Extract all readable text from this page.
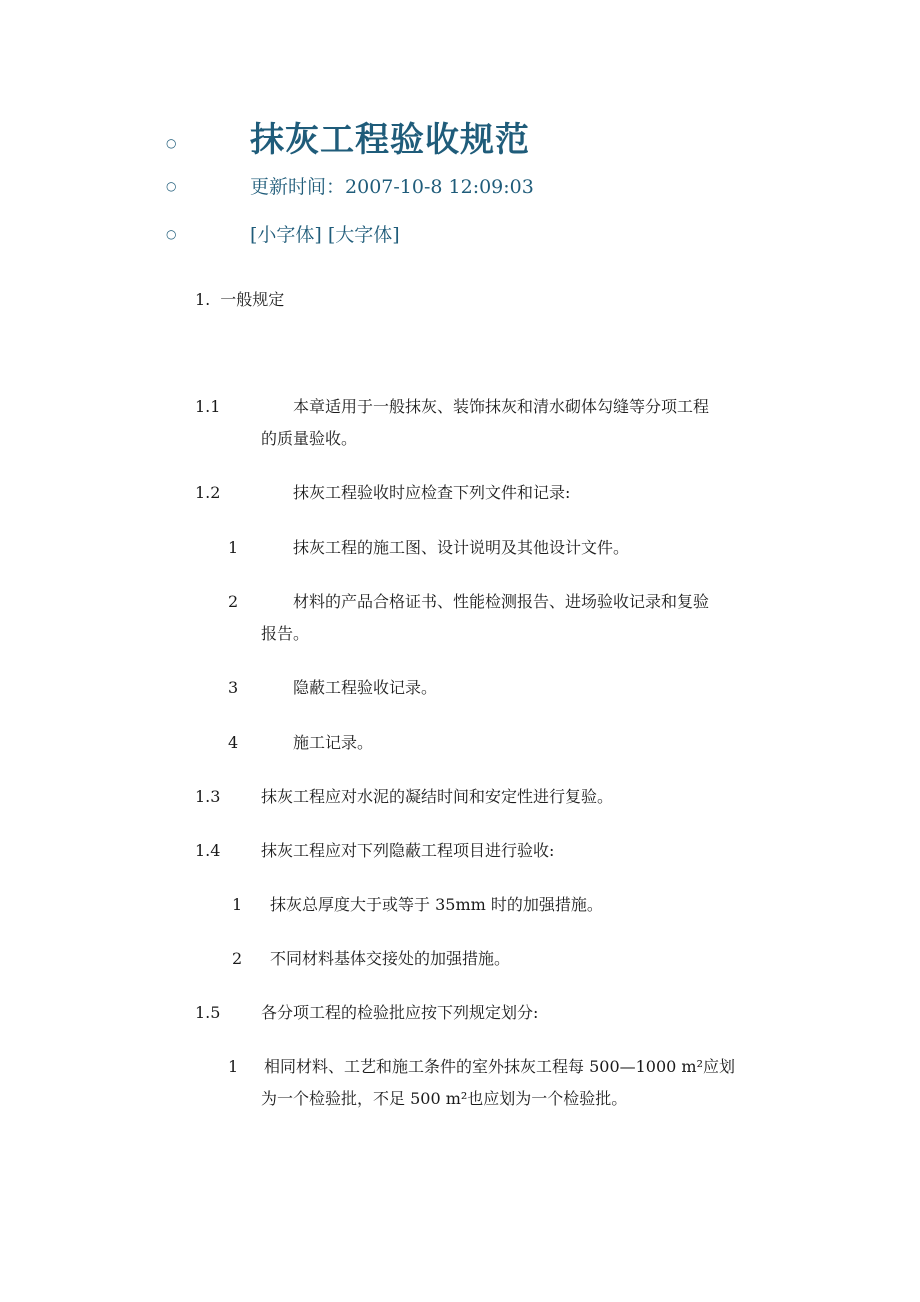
○
○
○
抹灰工程验收规范
更新时间：2007-10-8 12:09:03
[小字体] [大字体]
1. 一般规定
1.1	本章适用于一般抹灰、装饰抹灰和清水砌体勾缝等分项工程
的质量验收。
1.2	抹灰工程验收时应检查下列文件和记录:
1	抹灰工程的施工图、设计说明及其他设计文件。
2	材料的产品合格证书、性能检测报告、进场验收记录和复验
报告。
3	隐蔽工程验收记录。
4	施工记录。
1.3	抹灰工程应对水泥的凝结时间和安定性进行复验。
1.4	抹灰工程应对下列隐蔽工程项目进行验收:
1 抹灰总厚度大于或等于 35mm 时的加强措施。
2 不同材料基体交接处的加强措施。
1.5	各分项工程的检验批应按下列规定划分:
1 相同材料、工艺和施工条件的室外抹灰工程每 500—1000 m²应划
为一个检验批，不足 500 m²也应划为一个检验批。
